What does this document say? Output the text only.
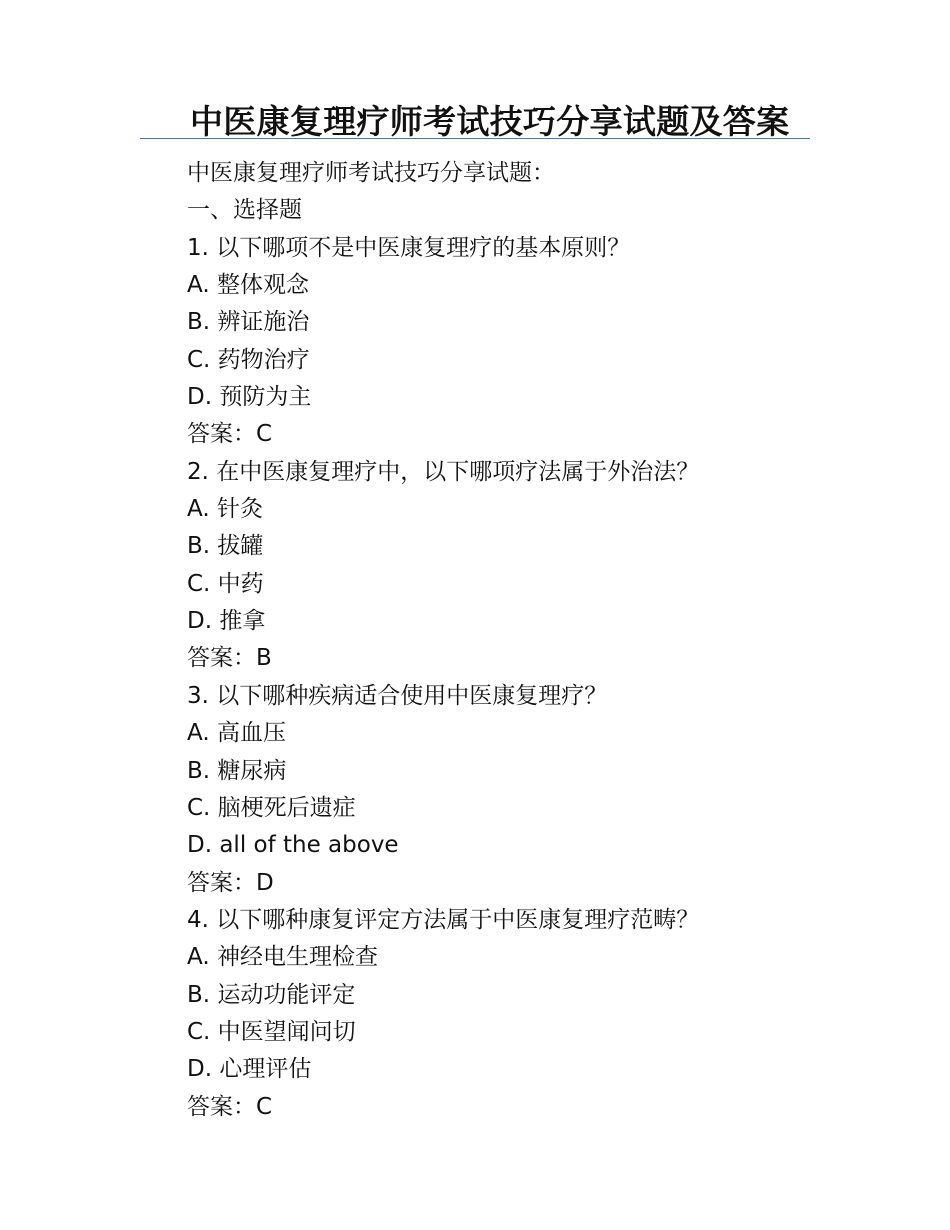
中医康复理疗师考试技巧分享试题及答案
中医康复理疗师考试技巧分享试题：
一、选择题
1. 以下哪项不是中医康复理疗的基本原则？
A. 整体观念
B. 辨证施治
C. 药物治疗
D. 预防为主
答案：C
2. 在中医康复理疗中，以下哪项疗法属于外治法？
A. 针灸
B. 拔罐
C. 中药
D. 推拿
答案：B
3. 以下哪种疾病适合使用中医康复理疗？
A. 高血压
B. 糖尿病
C. 脑梗死后遗症
D. all of the above
答案：D
4. 以下哪种康复评定方法属于中医康复理疗范畴？
A. 神经电生理检查
B. 运动功能评定
C. 中医望闻问切
D. 心理评估
答案：C
